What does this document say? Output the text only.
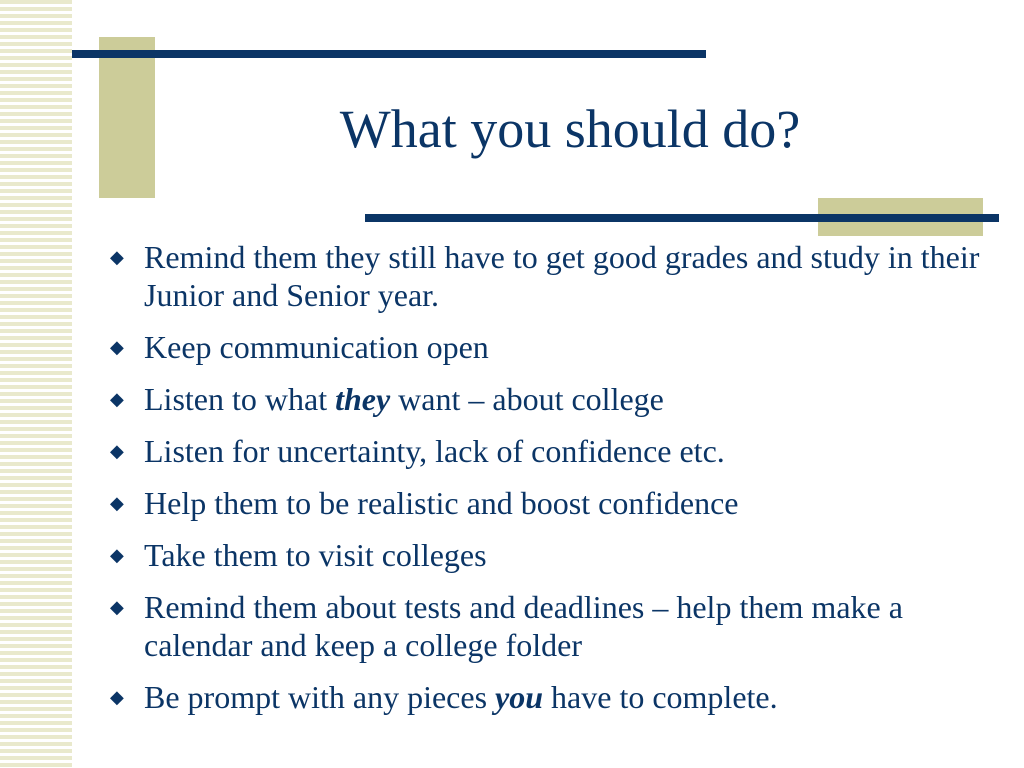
What you should do?
◆ Remind them they still have to get good grades and study in their Junior and Senior year.
◆ Keep communication open
◆ Listen to what they want – about college
◆ Listen for uncertainty, lack of confidence etc.
◆ Help them to be realistic and boost confidence
◆ Take them to visit colleges
◆ Remind them about tests and deadlines – help them make a calendar and keep a college folder
◆ Be prompt with any pieces you have to complete.
